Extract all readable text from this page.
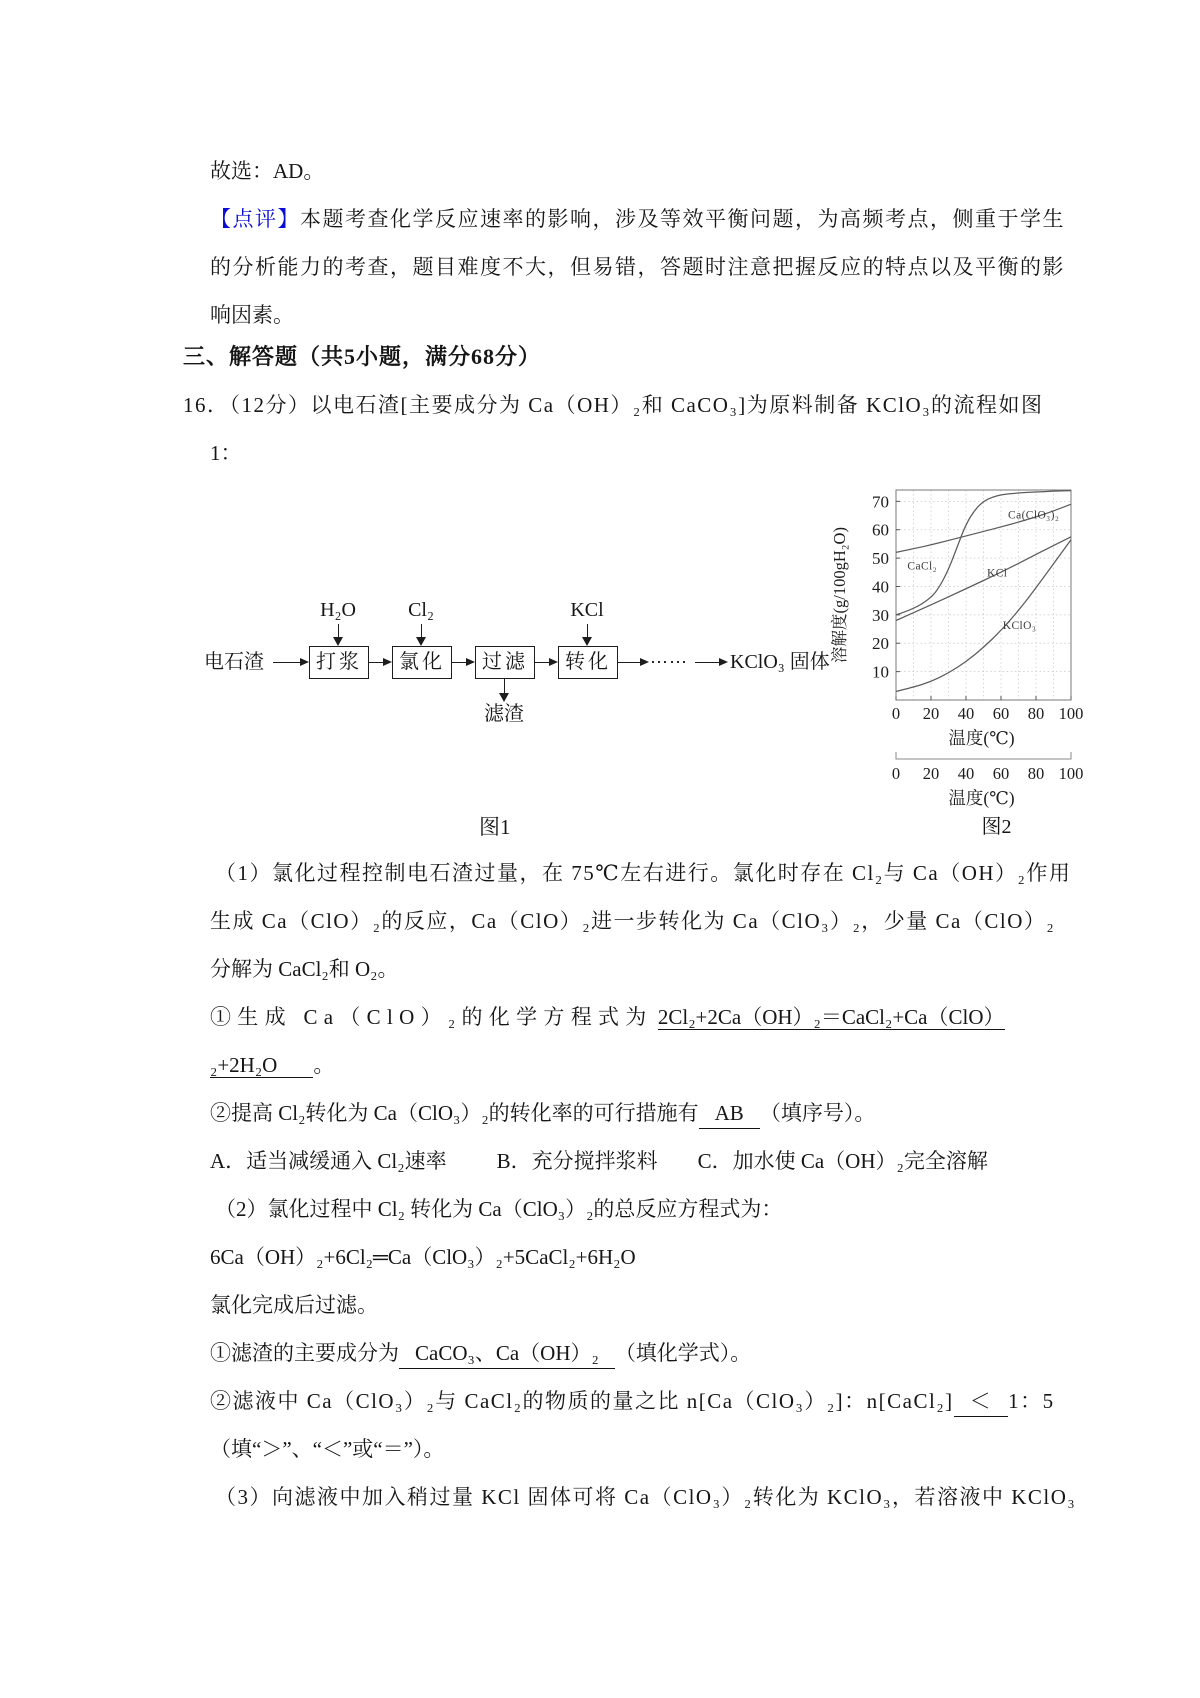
故选：AD。
【点评】本题考查化学反应速率的影响，涉及等效平衡问题，为高频考点，侧重于学生
的分析能力的考查，题目难度不大，但易错，答题时注意把握反应的特点以及平衡的影
响因素。
三、解答题（共5小题，满分68分）
16．（12分）以电石渣[主要成分为 Ca（OH）₂和 CaCO₃]为原料制备 KClO₃的流程如图
1：
电石渣	打浆	氯化	过滤	转化	⋯⋯ KClO₃ 固体
H₂O	Cl₂	KCl
滤渣
图1
10
20
30
40
50
60
70
0 20 40 60 80 100
溶解度(g/100gH₂O)
温度(℃)
CaCl₂
Ca(ClO₃)₂
KCl
KClO₃
0 20 40 60 80 100
温度(℃)
图2
（1）氯化过程控制电石渣过量，在 75℃左右进行。氯化时存在 Cl₂与 Ca（OH）₂作用
生成 Ca（ClO）₂的反应，Ca（ClO）₂进一步转化为 Ca（ClO₃）₂，少量 Ca（ClO）₂
分解为 CaCl₂和 O₂。
①生成 Ca（ClO）₂的化学方程式为 2Cl₂+2Ca（OH）₂＝CaCl₂+Ca（ClO）
₂+2H₂O 。
②提高 Cl₂转化为 Ca（ClO₃）₂的转化率的可行措施有 AB （填序号）。
A．适当减缓通入 Cl₂速率 B．充分搅拌浆料 C．加水使 Ca（OH）₂完全溶解
（2）氯化过程中 Cl₂ 转化为 Ca（ClO₃）₂的总反应方程式为：
6Ca（OH）₂+6Cl₂═Ca（ClO₃）₂+5CaCl₂+6H₂O
氯化完成后过滤。
①滤渣的主要成分为 CaCO₃、Ca（OH）₂ （填化学式）。
②滤液中 Ca（ClO₃）₂与 CaCl₂的物质的量之比 n[Ca（ClO₃）₂]：n[CaCl₂] ＜ 1：5
（填“＞”、“＜”或“＝”）。
（3）向滤液中加入稍过量 KCl 固体可将 Ca（ClO₃）₂转化为 KClO₃，若溶液中 KClO₃
